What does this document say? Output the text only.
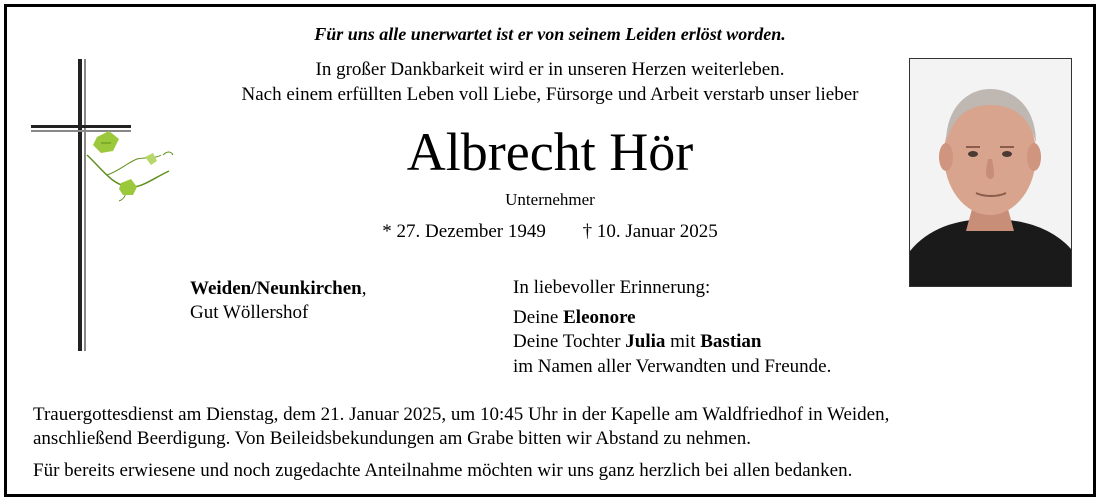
Für uns alle unerwartet ist er von seinem Leiden erlöst worden.
In großer Dankbarkeit wird er in unseren Herzen weiterleben.
Nach einem erfüllten Leben voll Liebe, Fürsorge und Arbeit verstarb unser lieber
Albrecht Hör
Unternehmer
* 27. Dezember 1949 † 10. Januar 2025
Weiden/Neunkirchen,
Gut Wöllershof
In liebevoller Erinnerung:
Deine Eleonore
Deine Tochter Julia mit Bastian
im Namen aller Verwandten und Freunde.
Trauergottesdienst am Dienstag, dem 21. Januar 2025, um 10:45 Uhr in der Kapelle am Waldfriedhof in Weiden,
anschließend Beerdigung. Von Beileidsbekundungen am Grabe bitten wir Abstand zu nehmen.
Für bereits erwiesene und noch zugedachte Anteilnahme möchten wir uns ganz herzlich bei allen bedanken.
